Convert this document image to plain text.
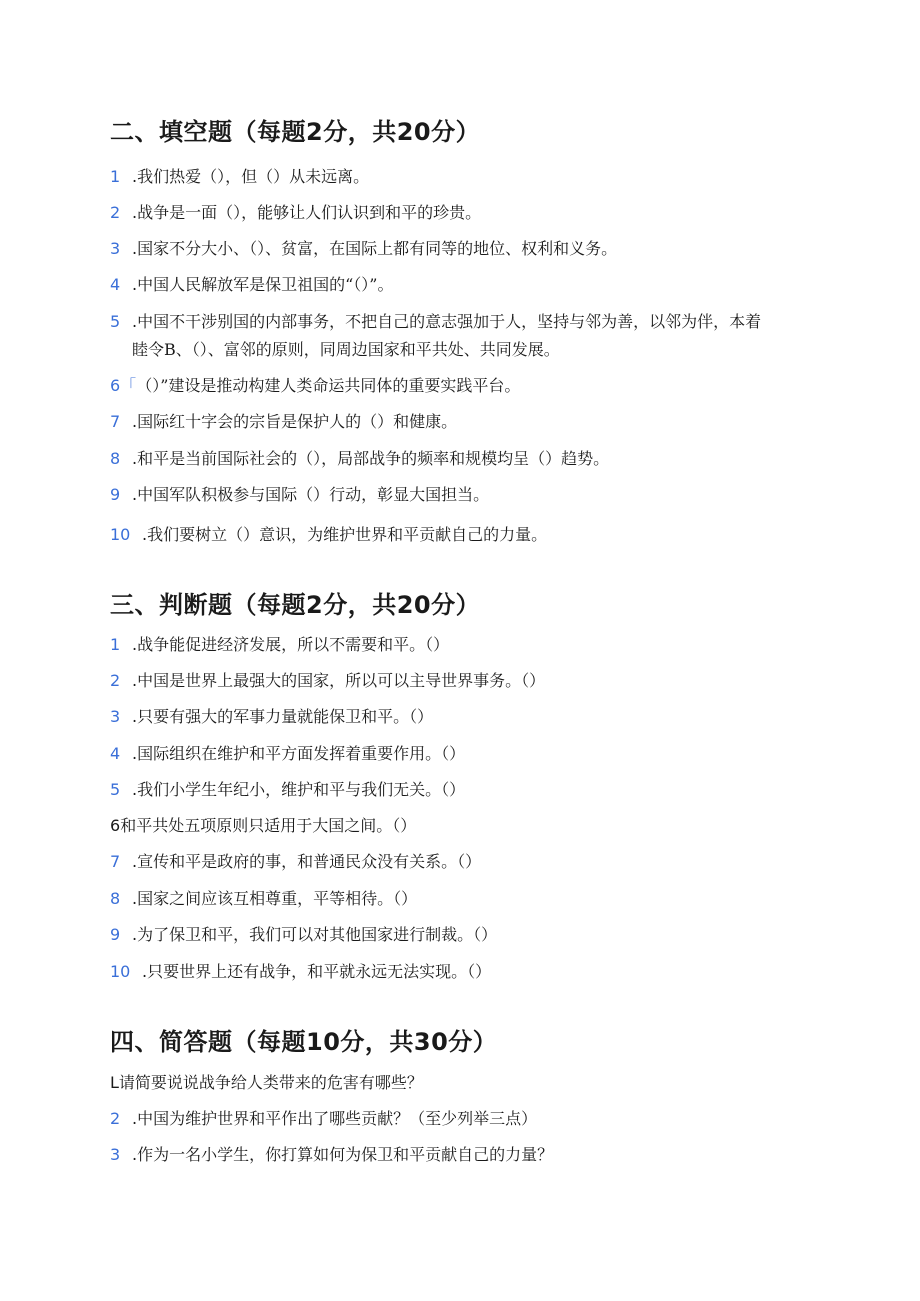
二、填空题（每题2分，共20分）
1 .我们热爱（），但（）从未远离。
2 .战争是一面（），能够让人们认识到和平的珍贵。
3 .国家不分大小、（）、贫富，在国际上都有同等的地位、权利和义务。
4 .中国人民解放军是保卫祖国的“（）”。
5 .中国不干涉别国的内部事务，不把自己的意志强加于人，坚持与邻为善，以邻为伴，本着
睦令B、（）、富邻的原则，同周边国家和平共处、共同发展。
6「（）”建设是推动构建人类命运共同体的重要实践平台。
7 .国际红十字会的宗旨是保护人的（）和健康。
8 .和平是当前国际社会的（），局部战争的频率和规模均呈（）趋势。
9 .中国军队积极参与国际（）行动，彰显大国担当。
10 .我们要树立（）意识，为维护世界和平贡献自己的力量。
三、判断题（每题2分，共20分）
1 .战争能促进经济发展，所以不需要和平。（）
2 .中国是世界上最强大的国家，所以可以主导世界事务。（）
3 .只要有强大的军事力量就能保卫和平。（）
4 .国际组织在维护和平方面发挥着重要作用。（）
5 .我们小学生年纪小，维护和平与我们无关。（）
6和平共处五项原则只适用于大国之间。（）
7 .宣传和平是政府的事，和普通民众没有关系。（）
8 .国家之间应该互相尊重，平等相待。（）
9 .为了保卫和平，我们可以对其他国家进行制裁。（）
10 .只要世界上还有战争，和平就永远无法实现。（）
四、简答题（每题10分，共30分）
L请简要说说战争给人类带来的危害有哪些？
2 .中国为维护世界和平作出了哪些贡献？（至少列举三点）
3 .作为一名小学生，你打算如何为保卫和平贡献自己的力量？
